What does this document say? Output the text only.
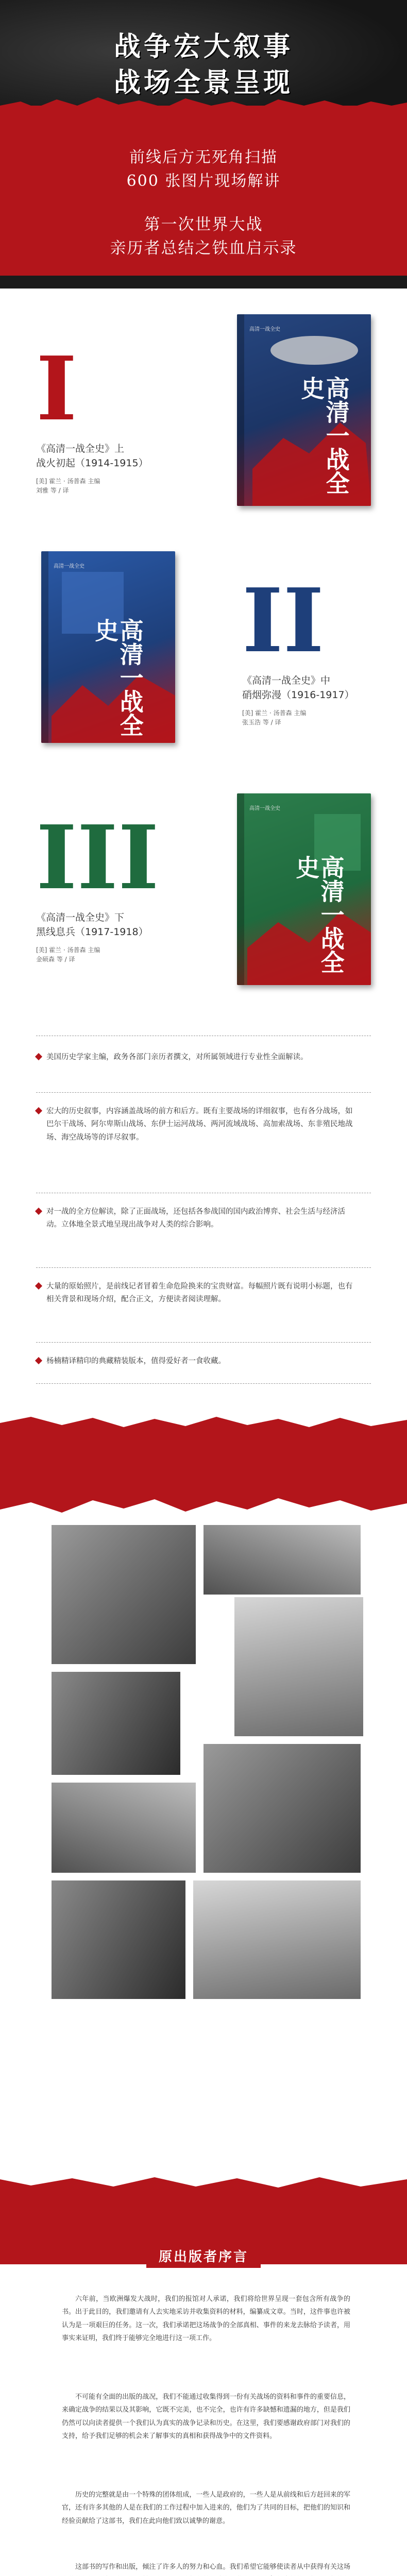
战争宏大叙事
战场全景呈现
前线后方无死角扫描
600 张图片现场解讲
第一次世界大战
亲历者总结之铁血启示录
I
《高清一战全史》上
战火初起（1914-1915）
[美] 霍兰 · 汤普森 主编
刘雅 等 / 译
高清一战全史
高清一战全史
高清一战全史
高清一战全史 II
《高清一战全史》中
硝烟弥漫（1916-1917）
[美] 霍兰 · 汤普森 主编
张玉浩 等 / 译
III
《高清一战全史》下
黑线息兵（1917-1918）
[美] 霍兰 · 汤普森 主编
金硕森 等 / 译
高清一战全史
高清一战全史
美国历史学家主编，政务各部门亲历者撰文，对所属领域进行专业性全面解读。
宏大的历史叙事，内容涵盖战场的前方和后方。既有主要战场的详细叙事，也有各分战场，如巴尔干战场、阿尔卑斯山战场、东伊士运河战场、两河流域战场、高加索战场、东非殖民地战场、海空战场等的详尽叙事。
对一战的全方位解读，除了正面战场，还包括各参战国的国内政治博弈、社会生活与经济活动。立体地全景式地呈现出战争对人类的综合影响。
大量的原始照片，是前线记者冒着生命危险换来的宝贵财富。每幅照片既有说明小标题，也有相关背景和现场介绍，配合正文，方便读者阅读理解。
杨楠精译精印的典藏精装版本，值得爱好者一食收藏。
原出版者序言

六年前，当欧洲爆发大战时，我们的报馆对人承诺，我们将给世界呈现一套包含所有战争的书。出于此目的，我们邀请有人去实地采访并收集资料的材料，编纂成文章。当时，这件事也许被认为是一项艰巨的任务。这一次，我们承诺把这场战争的全部真相、事件的来龙去脉给予读者，用事实来证明，我们终于能够完全地进行这一项工作。

不可能有全面的出版的战况，我们不能通过收集得到一份有关战场的资料和事件的重要信息，来确定战争的结果以及其影响，它既不完美，也不完全，也许有许多缺憾和遗漏的地方，但是我们仍然可以向读者提供一个我们认为真实的战争记录和历史。在这里，我们要感谢政府部门对我们的支持，给予我们足够的机会来了解事实的真相和获得战争中的文件资料。

历史的完整就是由一个特殊的团体组成，一些人是政府的，一些人是从前线和后方赶回来的军官，还有许多其他的人是在我们的工作过程中加入进来的，他们为了共同的目标，把他们的知识和经验贡献给了这部书，我们在此向他们致以诚挚的谢意。

这部书的写作和出版，倾注了许多人的努力和心血。我们希望它能够使读者从中获得有关这场
